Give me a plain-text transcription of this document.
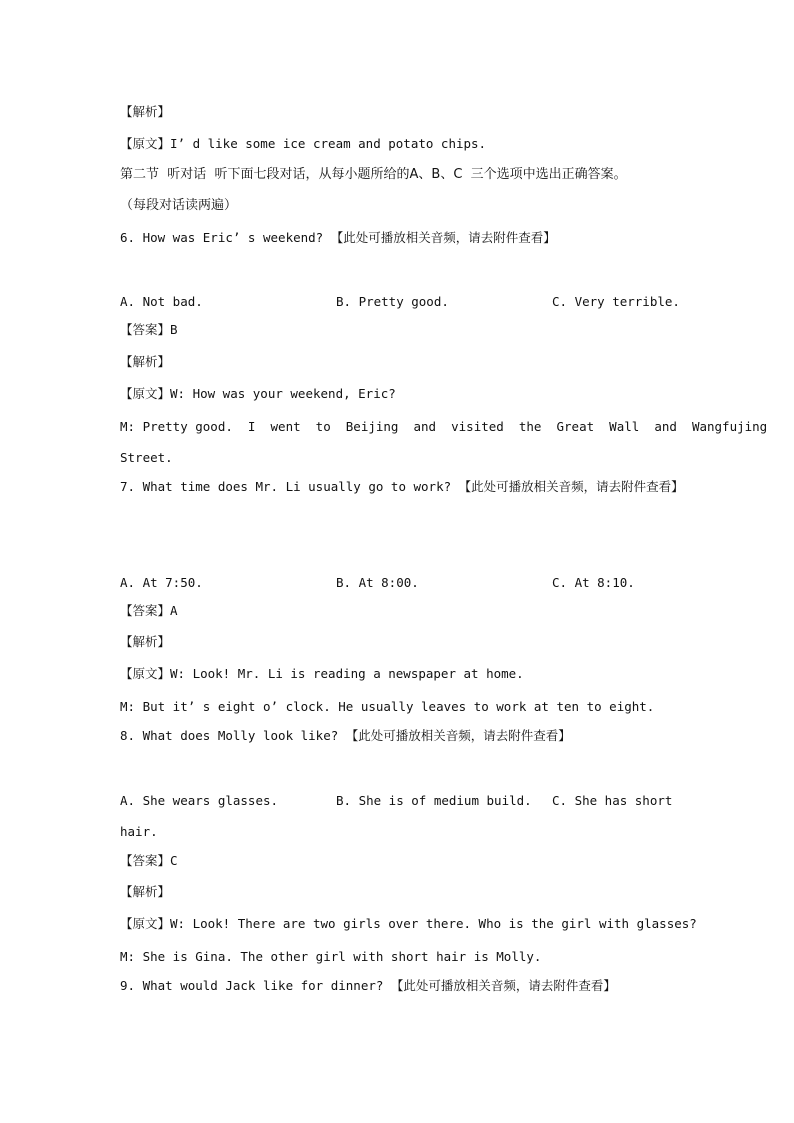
【解析】

【原文】I’ d like some ice cream and potato chips.

第二节  听对话  听下面七段对话，从每小题所给的A、B、C  三个选项中选出正确答案。

（每段对话读两遍）

6. How was Eric’ s weekend? 【此处可播放相关音频，请去附件查看】

A. Not bad.	B. Pretty good.	C. Very terrible.

【答案】B

【解析】

【原文】W: How was your weekend, Eric?

M: Pretty good.  I  went  to  Beijing  and  visited  the  Great  Wall  and  Wangfujing

Street.

7. What time does Mr. Li usually go to work? 【此处可播放相关音频，请去附件查看】

A. At 7:50.	B. At 8:00.	C. At 8:10.

【答案】A

【解析】

【原文】W: Look! Mr. Li is reading a newspaper at home.

M: But it’ s eight o’ clock. He usually leaves to work at ten to eight.

8. What does Molly look like? 【此处可播放相关音频，请去附件查看】

A. She wears glasses.	B. She is of medium build. C. She has short

hair.

【答案】C

【解析】

【原文】W: Look! There are two girls over there. Who is the girl with glasses?

M: She is Gina. The other girl with short hair is Molly.

9. What would Jack like for dinner? 【此处可播放相关音频，请去附件查看】
